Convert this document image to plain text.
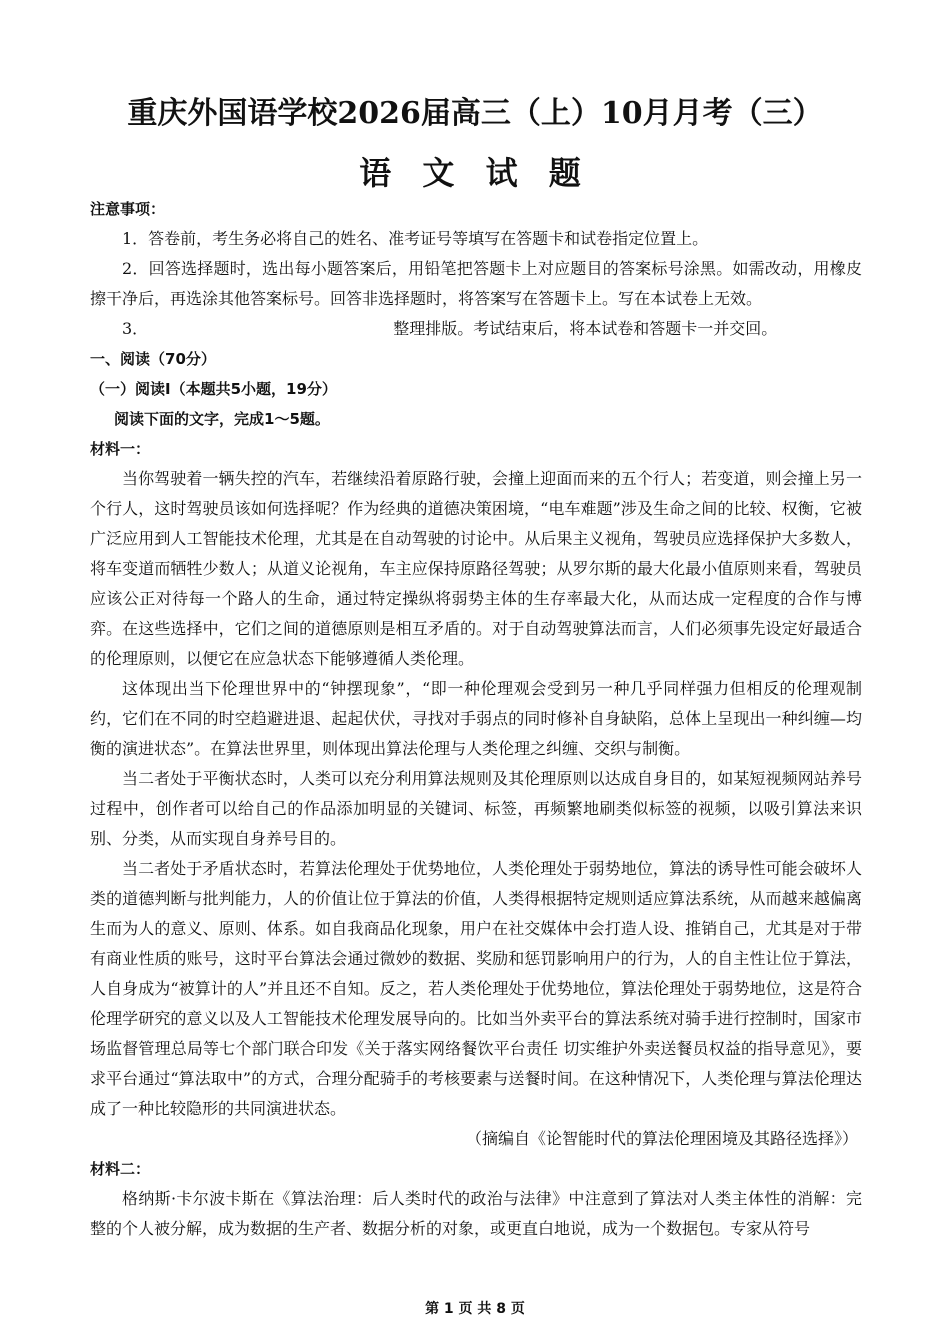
重庆外国语学校2026届高三（上）10月月考（三）
语 文 试 题

注意事项：

1．答卷前，考生务必将自己的姓名、准考证号等填写在答题卡和试卷指定位置上。

2．回答选择题时，选出每小题答案后，用铅笔把答题卡上对应题目的答案标号涂黑。如需改动，用橡皮擦干净后，再选涂其他答案标号。回答非选择题时，将答案写在答题卡上。写在本试卷上无效。

3．	整理排版。考试结束后，将本试卷和答题卡一并交回。

一、阅读（70分）

（一）阅读Ⅰ（本题共5小题，19分）

阅读下面的文字，完成1～5题。

材料一：

当你驾驶着一辆失控的汽车，若继续沿着原路行驶，会撞上迎面而来的五个行人；若变道，则会撞上另一个行人，这时驾驶员该如何选择呢？作为经典的道德决策困境，“电车难题”涉及生命之间的比较、权衡，它被广泛应用到人工智能技术伦理，尤其是在自动驾驶的讨论中。从后果主义视角，驾驶员应选择保护大多数人，将车变道而牺牲少数人；从道义论视角，车主应保持原路径驾驶；从罗尔斯的最大化最小值原则来看，驾驶员应该公正对待每一个路人的生命，通过特定操纵将弱势主体的生存率最大化，从而达成一定程度的合作与博弈。在这些选择中，它们之间的道德原则是相互矛盾的。对于自动驾驶算法而言，人们必须事先设定好最适合的伦理原则，以便它在应急状态下能够遵循人类伦理。

这体现出当下伦理世界中的“钟摆现象”，“即一种伦理观会受到另一种几乎同样强力但相反的伦理观制约，它们在不同的时空趋避进退、起起伏伏，寻找对手弱点的同时修补自身缺陷，总体上呈现出一种纠缠—均衡的演进状态”。在算法世界里，则体现出算法伦理与人类伦理之纠缠、交织与制衡。

当二者处于平衡状态时，人类可以充分利用算法规则及其伦理原则以达成自身目的，如某短视频网站养号过程中，创作者可以给自己的作品添加明显的关键词、标签，再频繁地刷类似标签的视频，以吸引算法来识别、分类，从而实现自身养号目的。

当二者处于矛盾状态时，若算法伦理处于优势地位，人类伦理处于弱势地位，算法的诱导性可能会破坏人类的道德判断与批判能力，人的价值让位于算法的价值，人类得根据特定规则适应算法系统，从而越来越偏离生而为人的意义、原则、体系。如自我商品化现象，用户在社交媒体中会打造人设、推销自己，尤其是对于带有商业性质的账号，这时平台算法会通过微妙的数据、奖励和惩罚影响用户的行为，人的自主性让位于算法，人自身成为“被算计的人”并且还不自知。反之，若人类伦理处于优势地位，算法伦理处于弱势地位，这是符合伦理学研究的意义以及人工智能技术伦理发展导向的。比如当外卖平台的算法系统对骑手进行控制时，国家市场监督管理总局等七个部门联合印发《关于落实网络餐饮平台责任 切实维护外卖送餐员权益的指导意见》，要求平台通过“算法取中”的方式，合理分配骑手的考核要素与送餐时间。在这种情况下，人类伦理与算法伦理达成了一种比较隐形的共同演进状态。

（摘编自《论智能时代的算法伦理困境及其路径选择》）

材料二：

格纳斯·卡尔波卡斯在《算法治理：后人类时代的政治与法律》中注意到了算法对人类主体性的消解：完整的个人被分解，成为数据的生产者、数据分析的对象，或更直白地说，成为一个数据包。专家从符号

第 1 页 共 8 页
